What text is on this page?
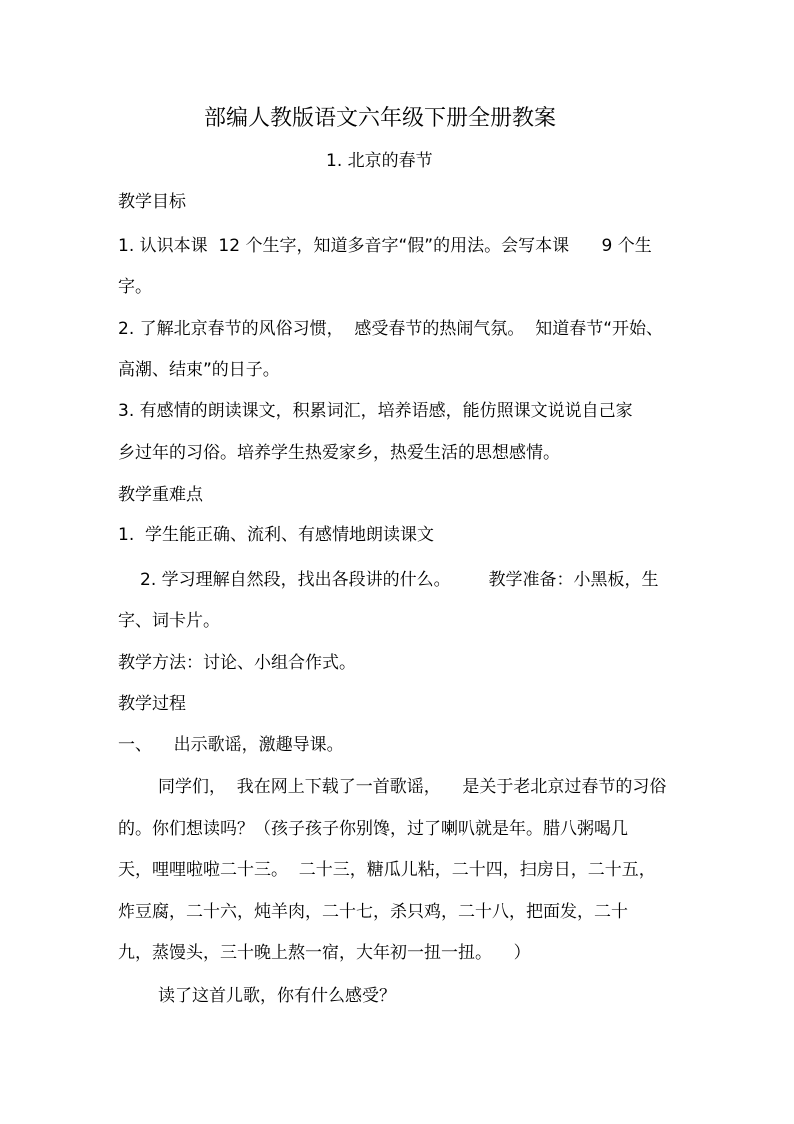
部编人教版语文六年级下册全册教案
1. 北京的春节
教学目标
1. 认识本课  12 个生字，知道多音字“假”的用法。会写本课      9 个生
字。
2. 了解北京春节的风俗习惯，  感受春节的热闹气氛。  知道春节“开始、
高潮、结束”的日子。
3. 有感情的朗读课文，积累词汇，培养语感，能仿照课文说说自己家
乡过年的习俗。培养学生热爱家乡，热爱生活的思想感情。
教学重难点
1.  学生能正确、流利、有感情地朗读课文
2. 学习理解自然段，找出各段讲的什么。       教学准备：小黑板，生
字、词卡片。
教学方法：讨论、小组合作式。
教学过程
一、    出示歌谣，激趣导课。
同学们，  我在网上下载了一首歌谣，    是关于老北京过春节的习俗
的。你们想读吗？（孩子孩子你别馋，过了喇叭就是年。腊八粥喝几
天，哩哩啦啦二十三。  二十三，糖瓜儿粘，二十四，扫房日，二十五，
炸豆腐，二十六，炖羊肉，二十七，杀只鸡，二十八，把面发，二十
九，蒸馒头，三十晚上熬一宿，大年初一扭一扭。    ）
读了这首儿歌，你有什么感受？
